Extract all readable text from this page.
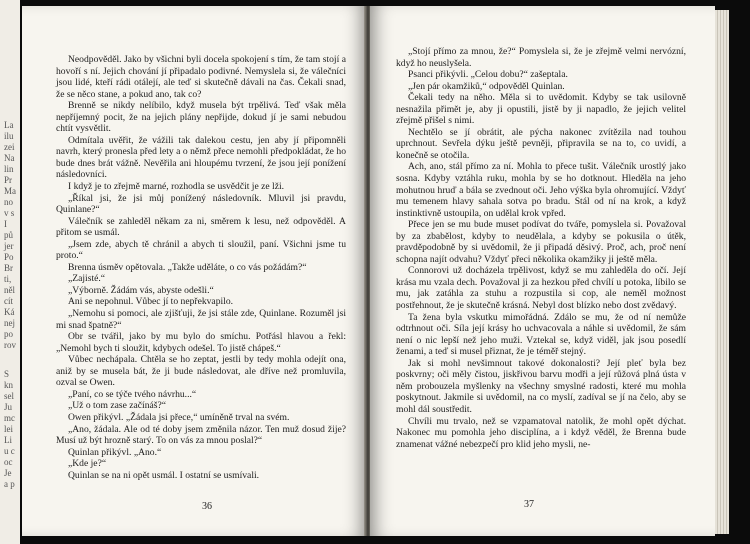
La
ilu
zei
Na
lin
Pr
Ma
no
v s
I
pů
jer
Po
Br
ti,
něl
cít
Ká
nej
po
rov
S
kn
sel
Ju
mc
lei
Li
u c
oc
Je
a p

Neodpověděl. Jako by všichni byli docela spokojení s tím, že tam stojí a hovoří s ní. Jejich chování jí připadalo podivné. Nemyslela si, že válečníci jsou lidé, kteří rádi otálejí, ale teď si skutečně dávali na čas. Čekali snad, že se něco stane, a pokud ano, tak co?

Brenně se nikdy nelíbilo, když musela být trpělivá. Teď však měla nepříjemný pocit, že na jejich plány nepřijde, dokud jí je sami nebudou chtít vysvětlit.

Odmítala uvěřit, že vážili tak dalekou cestu, jen aby jí připomněli navrh, který pronesla před lety a o němž přece nemohli předpokládat, že ho bude dnes brát vážně. Nevěřila ani hloupému tvrzení, že jsou její ponížení následovníci.

I když je to zřejmě marné, rozhodla se usvědčit je ze lži.

„Říkal jsi, že jsi můj ponížený následovník. Mluvil jsi pravdu, Quinlane?“

Válečník se zahleděl někam za ni, směrem k lesu, než odpověděl. A přitom se usmál.

„Jsem zde, abych tě chránil a abych ti sloužil, paní. Všichni jsme tu proto.“

Brenna úsměv opětovala. „Takže uděláte, o co vás požádám?“

„Zajisté.“

„Výborně. Žádám vás, abyste odešli.“

Ani se nepohnul. Vůbec jí to nepřekvapilo.

„Nemohu si pomoci, ale zjišťuji, že jsi stále zde, Quinlane. Rozuměl jsi mi snad špatně?“

Obr se tvářil, jako by mu bylo do smíchu. Potřásl hlavou a řekl: „Nemohl bych ti sloužit, kdybych odešel. To jistě chápeš.“

Vůbec nechápala. Chtěla se ho zeptat, jestli by tedy mohla odejít ona, aniž by se musela bát, že ji bude následovat, ale dříve než promluvila, ozval se Owen.

„Paní, co se týče tvého návrhu...“

„Už o tom zase začínáš?“

Owen přikývl. „Žádala jsi přece,“ umíněně trval na svém.

„Ano, žádala. Ale od té doby jsem změnila názor. Ten muž dosud žije? Musí už být hrozně starý. To on vás za mnou poslal?“

Quinlan přikývl. „Ano.“

„Kde je?“

Quinlan se na ni opět usmál. I ostatní se usmívali.

36

„Stojí přímo za mnou, že?“ Pomyslela si, že je zřejmě velmi nervózní, když ho neuslyšela.

Psanci přikývli. „Celou dobu?“ zašeptala.

„Jen pár okamžiků,“ odpověděl Quinlan.

Čekali tedy na něho. Měla si to uvědomit. Kdyby se tak usilovně nesnažila přimět je, aby ji opustili, jistě by ji napadlo, že jejich velitel zřejmě přišel s nimi.

Nechtělo se jí obrátit, ale pýcha nakonec zvítězila nad touhou uprchnout. Sevřela dýku ještě pevněji, připravila se na to, co uvidí, a konečně se otočila.

Ach, ano, stál přímo za ní. Mohla to přece tušit. Válečník urostlý jako sosna. Kdyby vztáhla ruku, mohla by se ho dotknout. Hleděla na jeho mohutnou hruď a bála se zvednout oči. Jeho výška byla ohromující. Vždyť mu temenem hlavy sahala sotva po bradu. Stál od ní na krok, a když instinktivně ustoupila, on udělal krok vpřed.

Přece jen se mu bude muset podívat do tváře, pomyslela si. Považoval by za zbabělost, kdyby to neudělala, a kdyby se pokusila o útěk, pravděpodobně by si uvědomil, že ji připadá děsivý. Proč, ach, proč není schopna najít odvahu? Vždyť přeci několika okamžiky ji ještě měla.

Connorovi už docházela trpělivost, když se mu zahleděla do očí. Její krása mu vzala dech. Považoval ji za hezkou před chvílí u potoka, líbilo se mu, jak zatáhla za stuhu a rozpustila si cop, ale neměl možnost postřehnout, že je skutečně krásná. Nebyl dost blízko nebo dost zvědavý.

Ta žena byla vskutku mimořádná. Zdálo se mu, že od ní nemůže odtrhnout oči. Síla její krásy ho uchvacovala a náhle si uvědomil, že sám není o nic lepší než jeho muži. Vztekal se, když viděl, jak jsou posedlí ženami, a teď si musel přiznat, že je téměř stejný.

Jak si mohl nevšimnout takové dokonalosti? Její pleť byla bez poskvrny; oči měly čistou, jiskřivou barvu modři a její růžová plná ústa v něm probouzela myšlenky na všechny smyslné radosti, které mu mohla poskytnout. Jakmile si uvědomil, na co myslí, zadíval se jí na čelo, aby se mohl dál soustředit.

Chvíli mu trvalo, než se vzpamatoval natolik, že mohl opět dýchat. Nakonec mu pomohla jeho disciplína, a i když věděl, že Brenna bude znamenat vážné nebezpečí pro klid jeho mysli, ne-

37
